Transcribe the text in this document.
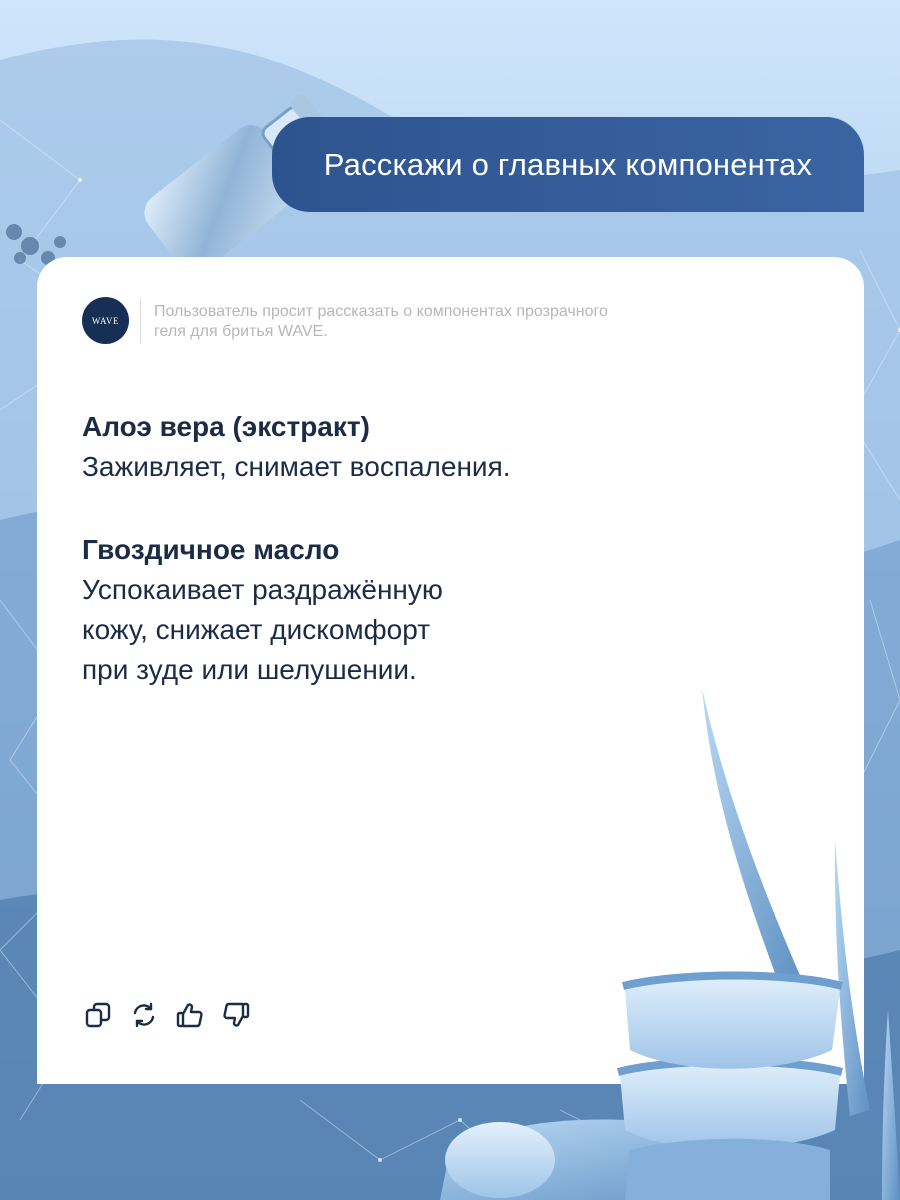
Расскажи о главных компонентах
WAVE
Пользователь просит рассказать о компонентах прозрачного геля для бритья WAVE.
Алоэ вера (экстракт)
Заживляет, снимает воспаления.
Гвоздичное масло
Успокаивает раздражённую
кожу, снижает дискомфорт
при зуде или шелушении.
